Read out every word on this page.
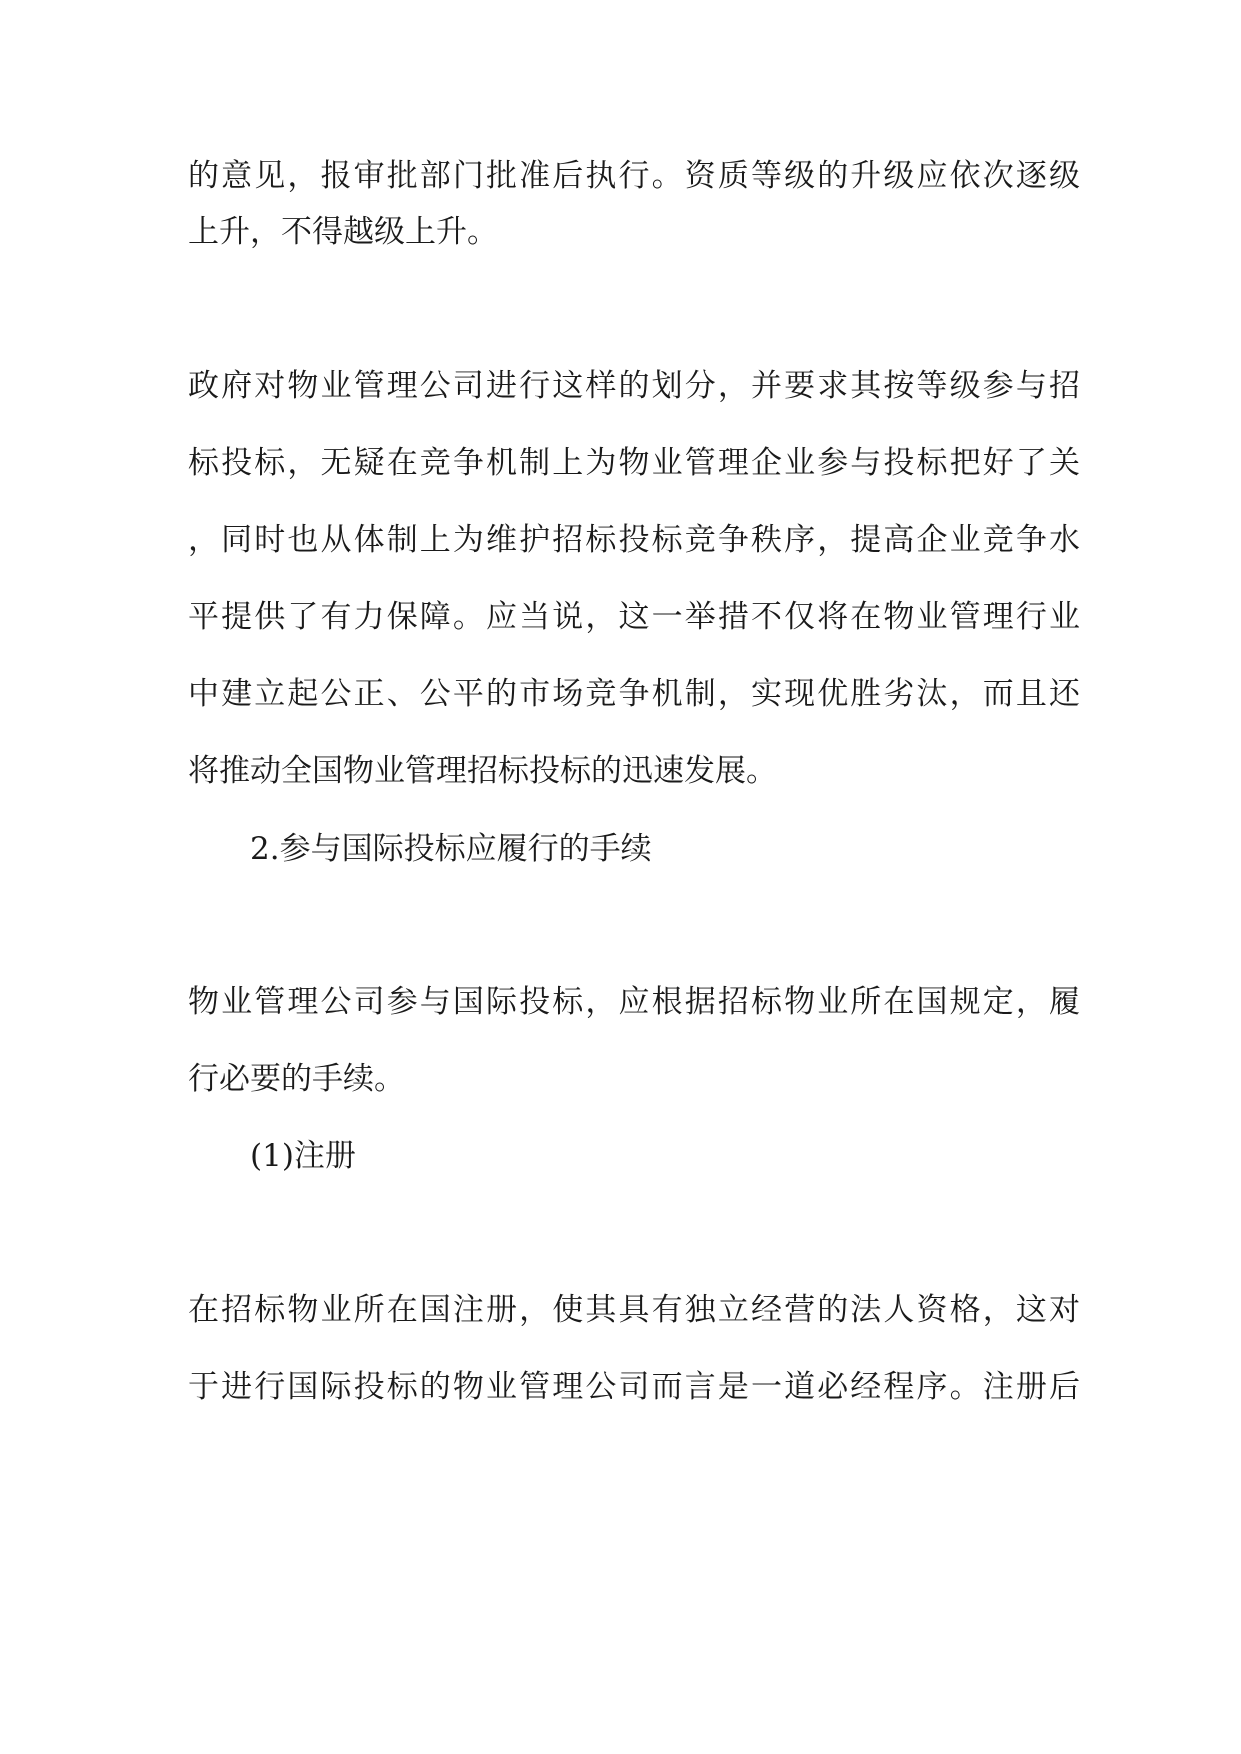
的意见，报审批部门批准后执行。资质等级的升级应依次逐级
上升，不得越级上升。
政府对物业管理公司进行这样的划分，并要求其按等级参与招
标投标，无疑在竞争机制上为物业管理企业参与投标把好了关
，同时也从体制上为维护招标投标竞争秩序，提高企业竞争水
平提供了有力保障。应当说，这一举措不仅将在物业管理行业
中建立起公正、公平的市场竞争机制，实现优胜劣汰，而且还
将推动全国物业管理招标投标的迅速发展。
2.参与国际投标应履行的手续
物业管理公司参与国际投标，应根据招标物业所在国规定，履
行必要的手续。
(1)注册
在招标物业所在国注册，使其具有独立经营的法人资格，这对
于进行国际投标的物业管理公司而言是一道必经程序。注册后
